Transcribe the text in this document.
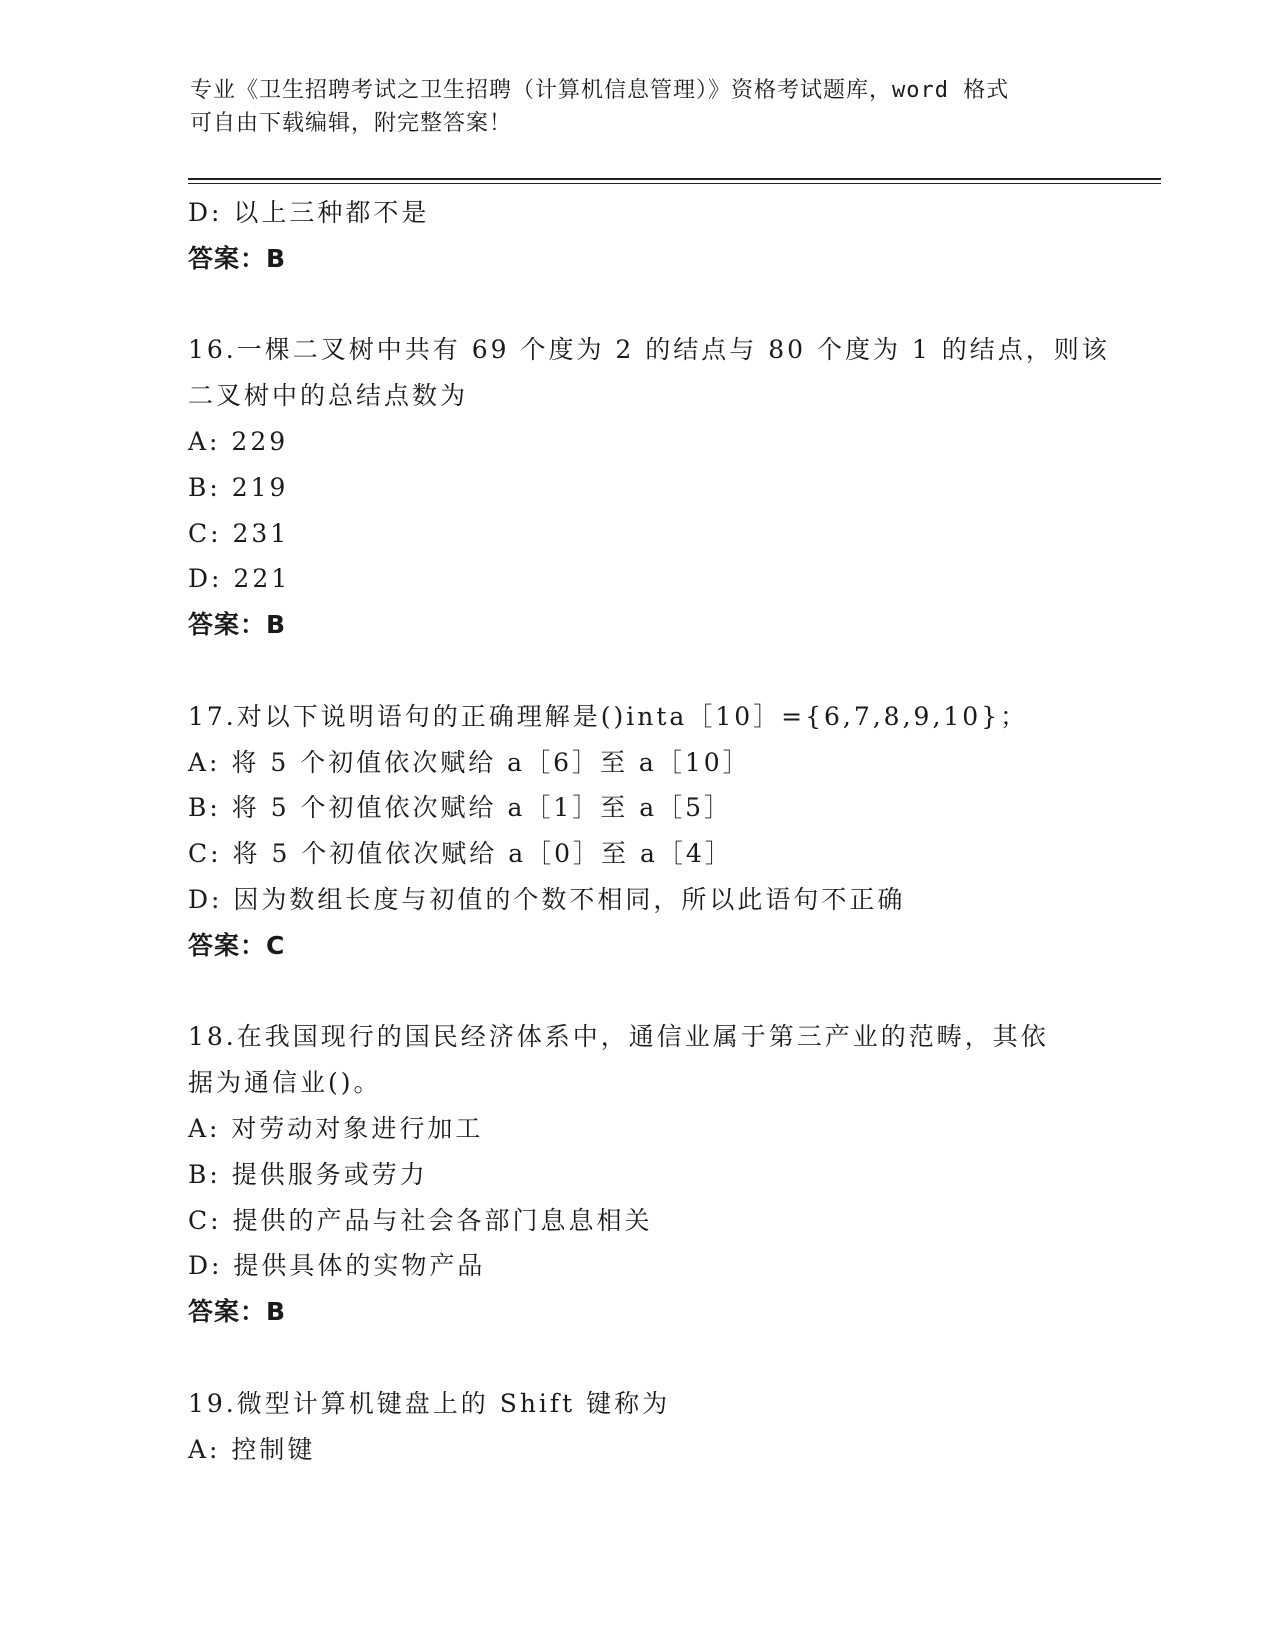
专业《卫生招聘考试之卫生招聘（计算机信息管理）》资格考试题库，word 格式
可自由下载编辑，附完整答案！
D: 以上三种都不是
答案：B
16.一棵二叉树中共有 69 个度为 2 的结点与 80 个度为 1 的结点，则该
二叉树中的总结点数为
A: 229
B: 219
C: 231
D: 221
答案：B
17.对以下说明语句的正确理解是()inta［10］={6,7,8,9,10}；
A: 将 5 个初值依次赋给 a［6］至 a［10］
B: 将 5 个初值依次赋给 a［1］至 a［5］
C: 将 5 个初值依次赋给 a［0］至 a［4］
D: 因为数组长度与初值的个数不相同，所以此语句不正确
答案：C
18.在我国现行的国民经济体系中，通信业属于第三产业的范畴，其依
据为通信业()。
A: 对劳动对象进行加工
B: 提供服务或劳力
C: 提供的产品与社会各部门息息相关
D: 提供具体的实物产品
答案：B
19.微型计算机键盘上的 Shift 键称为
A: 控制键
